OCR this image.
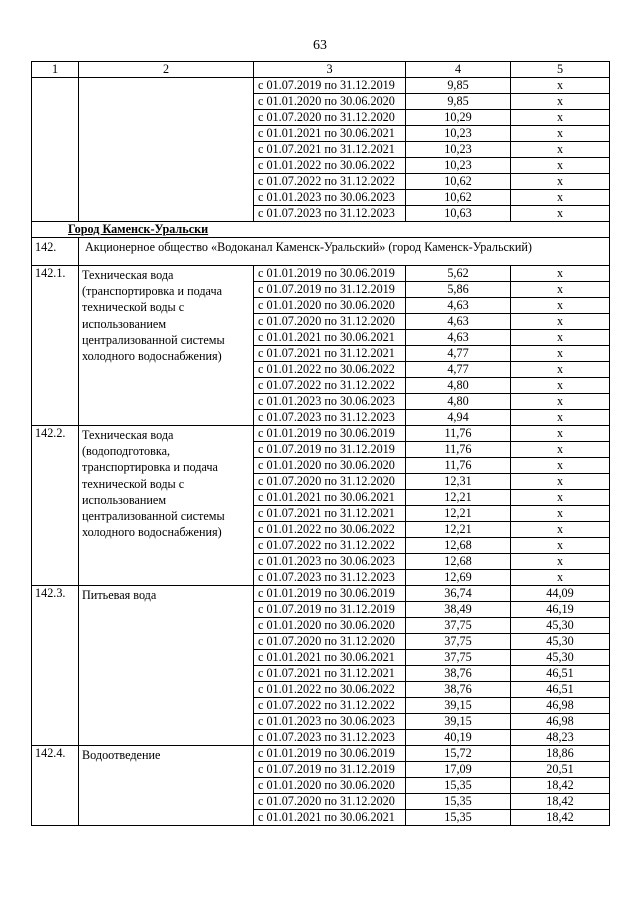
63
1	2	3	4	5
		с 01.07.2019 по 31.12.2019	9,85	х
		с 01.01.2020 по 30.06.2020	9,85	х
		с 01.07.2020 по 31.12.2020	10,29	х
		с 01.01.2021 по 30.06.2021	10,23	х
		с 01.07.2021 по 31.12.2021	10,23	х
		с 01.01.2022 по 30.06.2022	10,23	х
		с 01.07.2022 по 31.12.2022	10,62	х
		с 01.01.2023 по 30.06.2023	10,62	х
		с 01.07.2023 по 31.12.2023	10,63	х
Город Каменск-Уральски				
142.	Акционерное общество «Водоканал Каменск-Уральский» (город Каменск-Уральский)			
142.1.	Техническая вода (транспортировка и подача технической воды с использованием централизованной системы холодного водоснабжения)	с 01.01.2019 по 30.06.2019	5,62	х
		с 01.07.2019 по 31.12.2019	5,86	х
		с 01.01.2020 по 30.06.2020	4,63	х
		с 01.07.2020 по 31.12.2020	4,63	х
		с 01.01.2021 по 30.06.2021	4,63	х
		с 01.07.2021 по 31.12.2021	4,77	х
		с 01.01.2022 по 30.06.2022	4,77	х
		с 01.07.2022 по 31.12.2022	4,80	х
		с 01.01.2023 по 30.06.2023	4,80	х
		с 01.07.2023 по 31.12.2023	4,94	х
142.2.	Техническая вода (водоподготовка, транспортировка и подача технической воды с использованием централизованной системы холодного водоснабжения)	с 01.01.2019 по 30.06.2019	11,76	х
		с 01.07.2019 по 31.12.2019	11,76	х
		с 01.01.2020 по 30.06.2020	11,76	х
		с 01.07.2020 по 31.12.2020	12,31	х
		с 01.01.2021 по 30.06.2021	12,21	х
		с 01.07.2021 по 31.12.2021	12,21	х
		с 01.01.2022 по 30.06.2022	12,21	х
		с 01.07.2022 по 31.12.2022	12,68	х
		с 01.01.2023 по 30.06.2023	12,68	х
		с 01.07.2023 по 31.12.2023	12,69	х
142.3.	Питьевая вода	с 01.01.2019 по 30.06.2019	36,74	44,09
		с 01.07.2019 по 31.12.2019	38,49	46,19
		с 01.01.2020 по 30.06.2020	37,75	45,30
		с 01.07.2020 по 31.12.2020	37,75	45,30
		с 01.01.2021 по 30.06.2021	37,75	45,30
		с 01.07.2021 по 31.12.2021	38,76	46,51
		с 01.01.2022 по 30.06.2022	38,76	46,51
		с 01.07.2022 по 31.12.2022	39,15	46,98
		с 01.01.2023 по 30.06.2023	39,15	46,98
		с 01.07.2023 по 31.12.2023	40,19	48,23
142.4.	Водоотведение	с 01.01.2019 по 30.06.2019	15,72	18,86
		с 01.07.2019 по 31.12.2019	17,09	20,51
		с 01.01.2020 по 30.06.2020	15,35	18,42
		с 01.07.2020 по 31.12.2020	15,35	18,42
		с 01.01.2021 по 30.06.2021	15,35	18,42
